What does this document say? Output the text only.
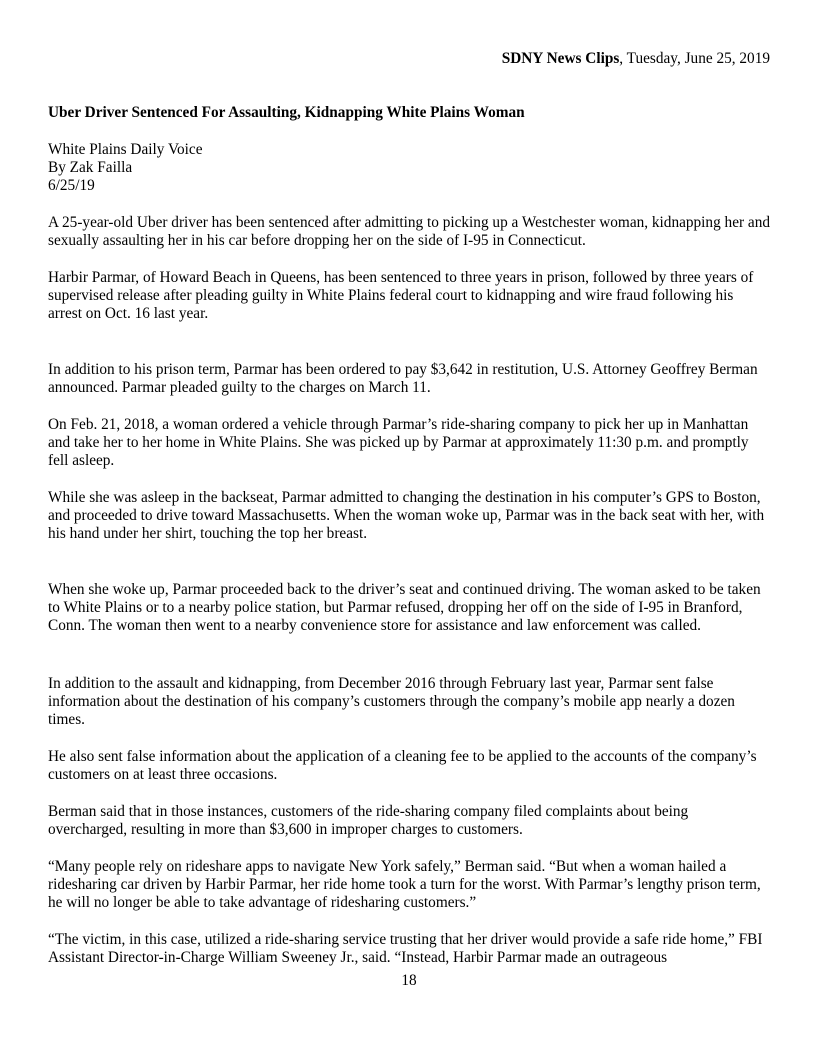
SDNY News Clips, Tuesday, June 25, 2019
Uber Driver Sentenced For Assaulting, Kidnapping White Plains Woman
White Plains Daily Voice
By Zak Failla
6/25/19

A 25-year-old Uber driver has been sentenced after admitting to picking up a Westchester woman, kidnapping her and sexually assaulting her in his car before dropping her on the side of I-95 in Connecticut.

Harbir Parmar, of Howard Beach in Queens, has been sentenced to three years in prison, followed by three years of supervised release after pleading guilty in White Plains federal court to kidnapping and wire fraud following his arrest on Oct. 16 last year.

In addition to his prison term, Parmar has been ordered to pay $3,642 in restitution, U.S. Attorney Geoffrey Berman announced. Parmar pleaded guilty to the charges on March 11.

On Feb. 21, 2018, a woman ordered a vehicle through Parmar’s ride-sharing company to pick her up in Manhattan and take her to her home in White Plains. She was picked up by Parmar at approximately 11:30 p.m. and promptly fell asleep.

While she was asleep in the backseat, Parmar admitted to changing the destination in his computer’s GPS to Boston, and proceeded to drive toward Massachusetts. When the woman woke up, Parmar was in the back seat with her, with his hand under her shirt, touching the top her breast.

When she woke up, Parmar proceeded back to the driver’s seat and continued driving. The woman asked to be taken to White Plains or to a nearby police station, but Parmar refused, dropping her off on the side of I-95 in Branford, Conn. The woman then went to a nearby convenience store for assistance and law enforcement was called.

In addition to the assault and kidnapping, from December 2016 through February last year, Parmar sent false information about the destination of his company’s customers through the company’s mobile app nearly a dozen times.

He also sent false information about the application of a cleaning fee to be applied to the accounts of the company’s customers on at least three occasions.

Berman said that in those instances, customers of the ride-sharing company filed complaints about being overcharged, resulting in more than $3,600 in improper charges to customers.

“Many people rely on rideshare apps to navigate New York safely,” Berman said. “But when a woman hailed a ridesharing car driven by Harbir Parmar, her ride home took a turn for the worst. With Parmar’s lengthy prison term, he will no longer be able to take advantage of ridesharing customers.”

“The victim, in this case, utilized a ride-sharing service trusting that her driver would provide a safe ride home,” FBI Assistant Director-in-Charge William Sweeney Jr., said. “Instead, Harbir Parmar made an outrageous

18
